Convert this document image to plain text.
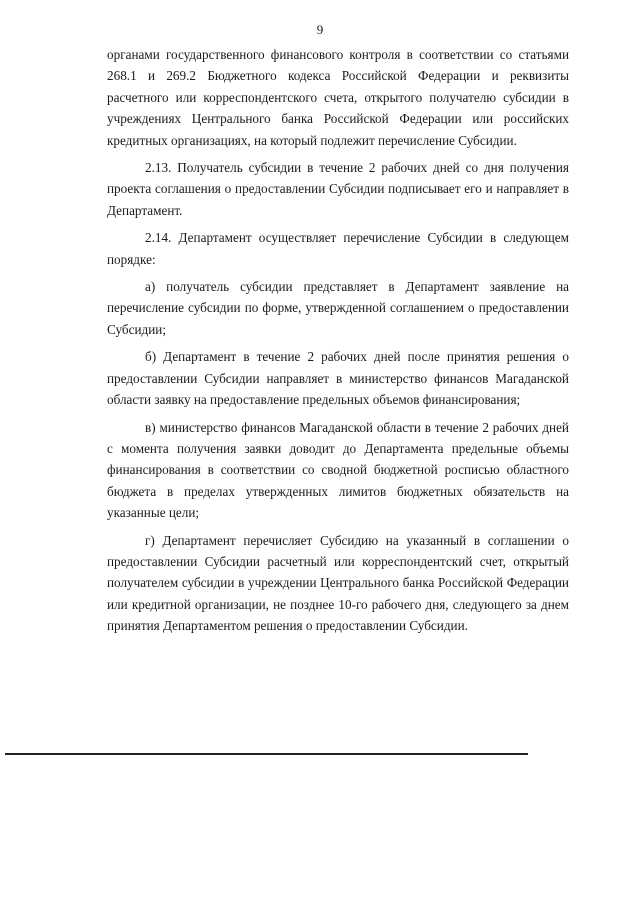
9

органами государственного финансового контроля в соответствии со статьями 268.1 и 269.2 Бюджетного кодекса Российской Федерации и реквизиты расчетного или корреспондентского счета, открытого получателю субсидии в учреждениях Центрального банка Российской Федерации или российских кредитных организациях, на который подлежит перечисление Субсидии.

2.13. Получатель субсидии в течение 2 рабочих дней со дня получения проекта соглашения о предоставлении Субсидии подписывает его и направляет в Департамент.

2.14. Департамент осуществляет перечисление Субсидии в следующем порядке:

а) получатель субсидии представляет в Департамент заявление на перечисление субсидии по форме, утвержденной соглашением о предоставлении Субсидии;

б) Департамент в течение 2 рабочих дней после принятия решения о предоставлении Субсидии направляет в министерство финансов Магаданской области заявку на предоставление предельных объемов финансирования;

в) министерство финансов Магаданской области в течение 2 рабочих дней с момента получения заявки доводит до Департамента предельные объемы финансирования в соответствии со сводной бюджетной росписью областного бюджета в пределах утвержденных лимитов бюджетных обязательств на указанные цели;

г) Департамент перечисляет Субсидию на указанный в соглашении о предоставлении Субсидии расчетный или корреспондентский счет, открытый получателем субсидии в учреждении Центрального банка Российской Федерации или кредитной организации, не позднее 10-го рабочего дня, следующего за днем принятия Департаментом решения о предоставлении Субсидии.
